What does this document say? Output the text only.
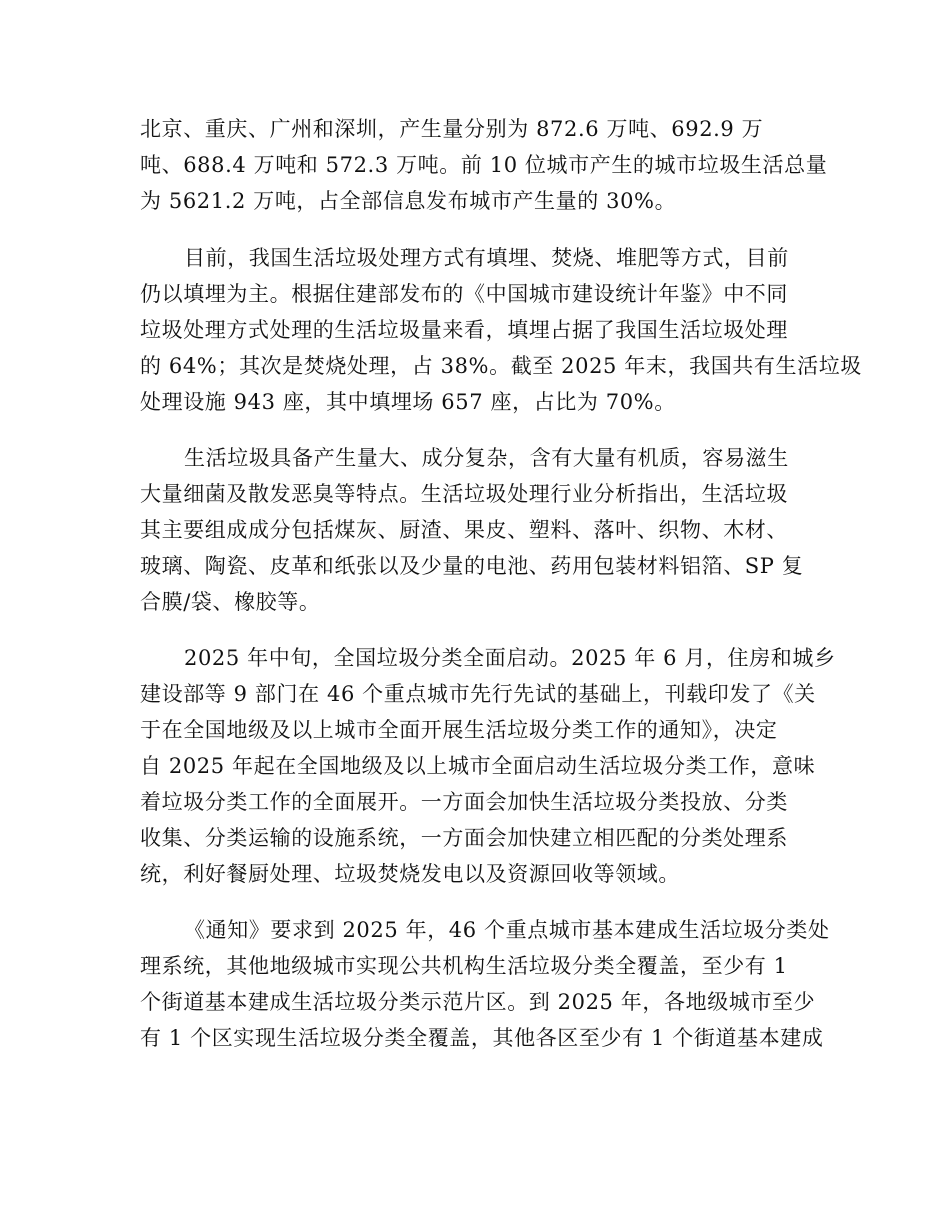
北京、重庆、广州和深圳，产生量分别为 872.6 万吨、692.9 万
吨、688.4 万吨和 572.3 万吨。前 10 位城市产生的城市垃圾生活总量
为 5621.2 万吨，占全部信息发布城市产生量的 30%。
目前，我国生活垃圾处理方式有填埋、焚烧、堆肥等方式，目前
仍以填埋为主。根据住建部发布的《中国城市建设统计年鉴》中不同
垃圾处理方式处理的生活垃圾量来看，填埋占据了我国生活垃圾处理
的 64%；其次是焚烧处理，占 38%。截至 2025 年末，我国共有生活垃圾
处理设施 943 座，其中填埋场 657 座，占比为 70%。
生活垃圾具备产生量大、成分复杂，含有大量有机质，容易滋生
大量细菌及散发恶臭等特点。生活垃圾处理行业分析指出，生活垃圾
其主要组成成分包括煤灰、厨渣、果皮、塑料、落叶、织物、木材、
玻璃、陶瓷、皮革和纸张以及少量的电池、药用包装材料铝箔、SP 复
合膜/袋、橡胶等。
2025 年中旬，全国垃圾分类全面启动。2025 年 6 月，住房和城乡
建设部等 9 部门在 46 个重点城市先行先试的基础上，刊载印发了《关
于在全国地级及以上城市全面开展生活垃圾分类工作的通知》，决定
自 2025 年起在全国地级及以上城市全面启动生活垃圾分类工作，意味
着垃圾分类工作的全面展开。一方面会加快生活垃圾分类投放、分类
收集、分类运输的设施系统，一方面会加快建立相匹配的分类处理系
统，利好餐厨处理、垃圾焚烧发电以及资源回收等领域。
《通知》要求到 2025 年，46 个重点城市基本建成生活垃圾分类处
理系统，其他地级城市实现公共机构生活垃圾分类全覆盖，至少有 1
个街道基本建成生活垃圾分类示范片区。到 2025 年，各地级城市至少
有 1 个区实现生活垃圾分类全覆盖，其他各区至少有 1 个街道基本建成
